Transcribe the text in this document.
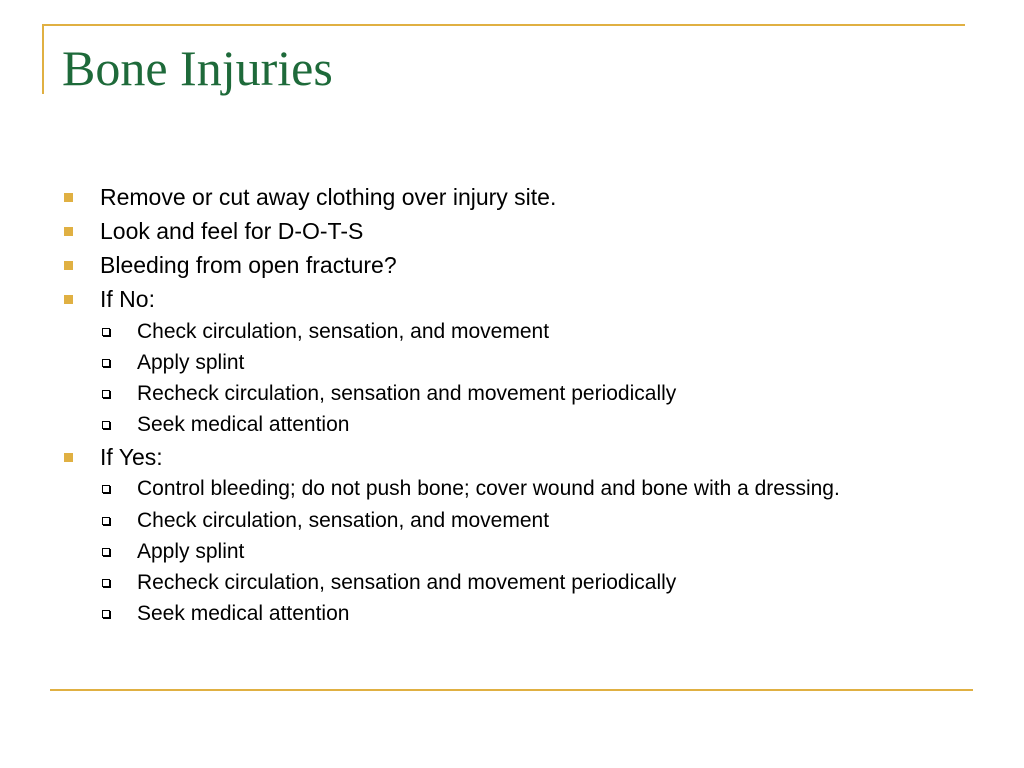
Bone Injuries

Remove or cut away clothing over injury site.

Look and feel for D-O-T-S

Bleeding from open fracture?

If No:

Check circulation, sensation, and movement

Apply splint

Recheck circulation, sensation and movement periodically

Seek medical attention

If Yes:

Control bleeding; do not push bone; cover wound and bone with a dressing.

Check circulation, sensation, and movement

Apply splint

Recheck circulation, sensation and movement periodically

Seek medical attention
